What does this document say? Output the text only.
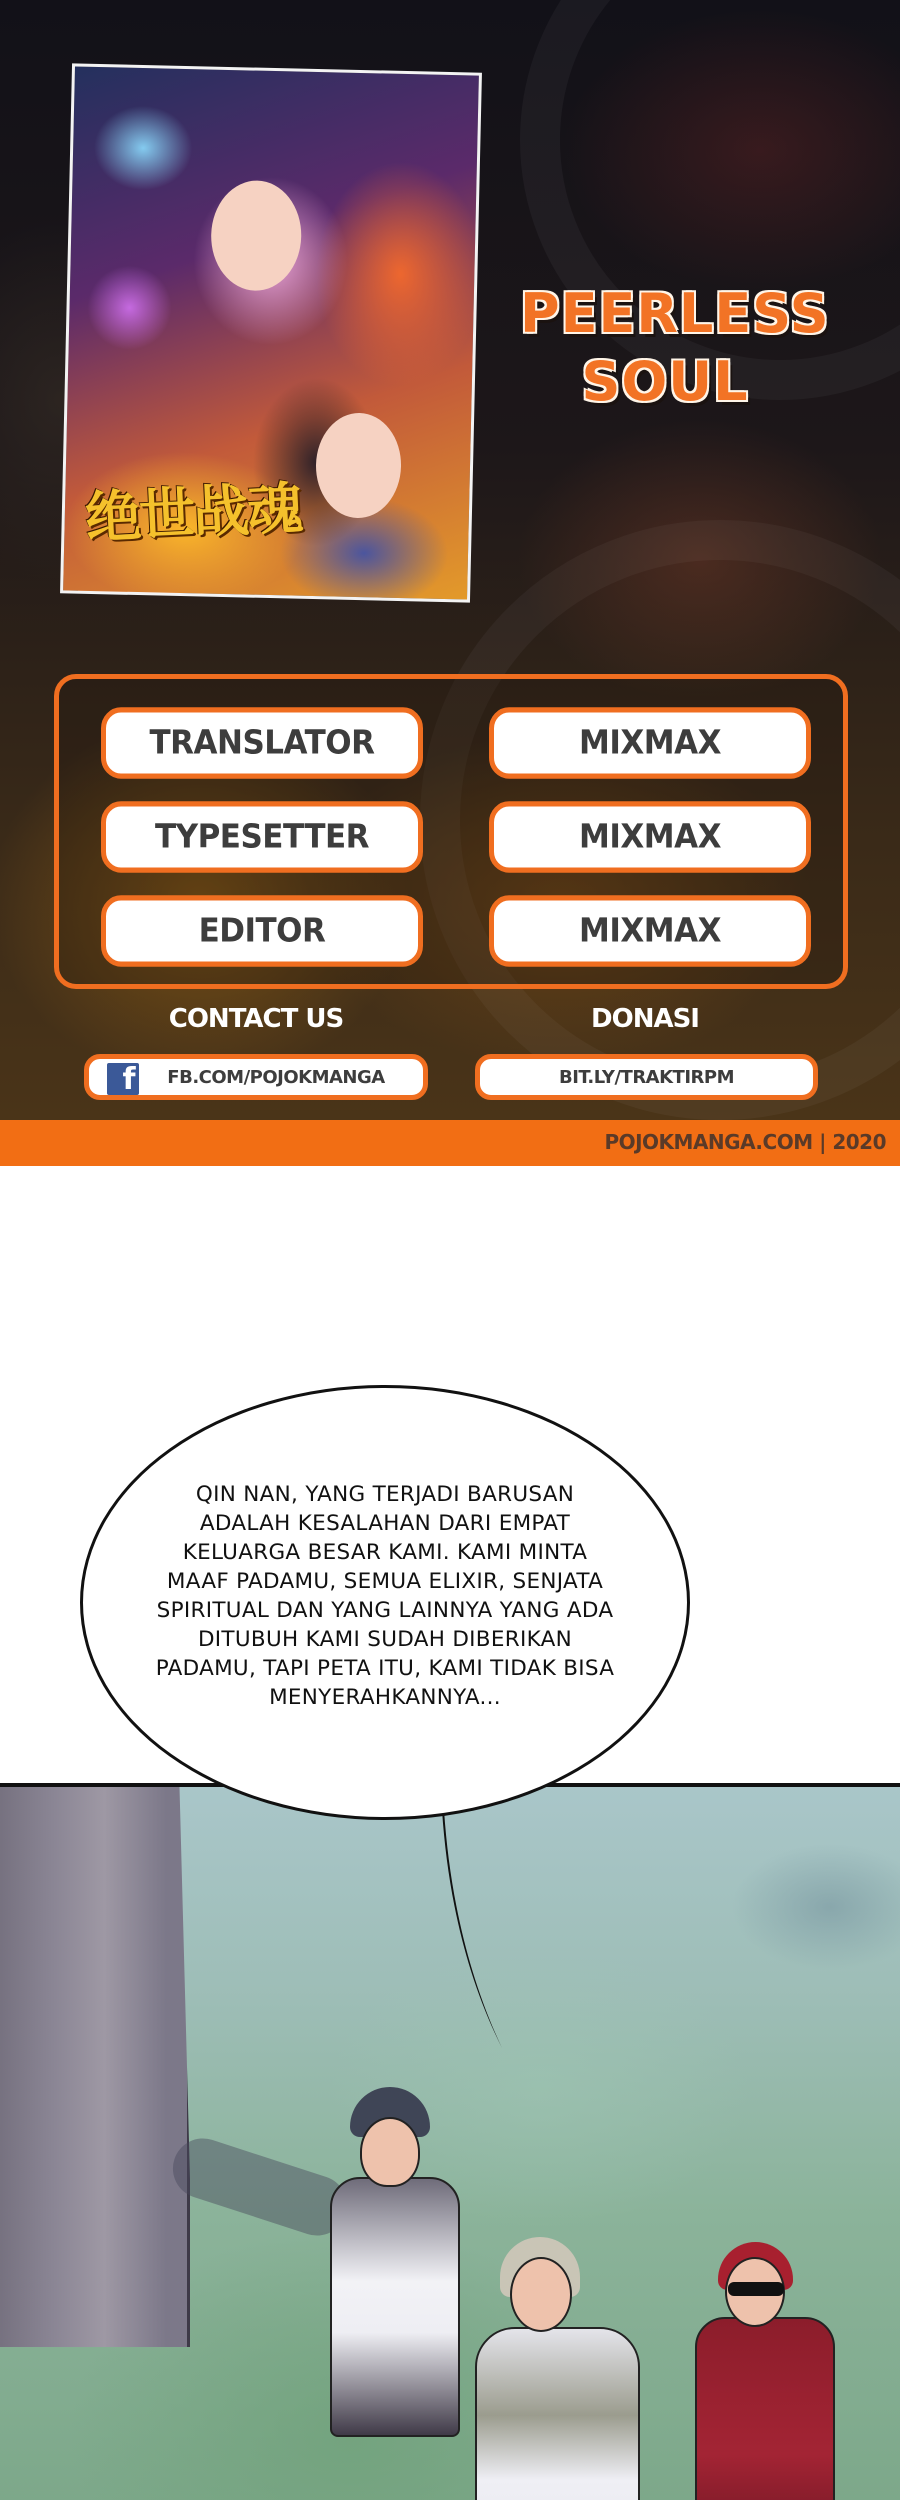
绝世战魂
PEERLESS
SOUL
TRANSLATOR	MIXMAX
TYPESETTER	MIXMAX
EDITOR	MIXMAX
CONTACT US	DONASI
f FB.COM/POJOKMANGA	BIT.LY/TRAKTIRPM
POJOKMANGA.COM | 2020
QIN NAN, YANG TERJADI BARUSAN ADALAH KESALAHAN DARI EMPAT KELUARGA BESAR KAMI. KAMI MINTA MAAF PADAMU, SEMUA ELIXIR, SENJATA SPIRITUAL DAN YANG LAINNYA YANG ADA DITUBUH KAMI SUDAH DIBERIKAN PADAMU, TAPI PETA ITU, KAMI TIDAK BISA MENYERAHKANNYA...
